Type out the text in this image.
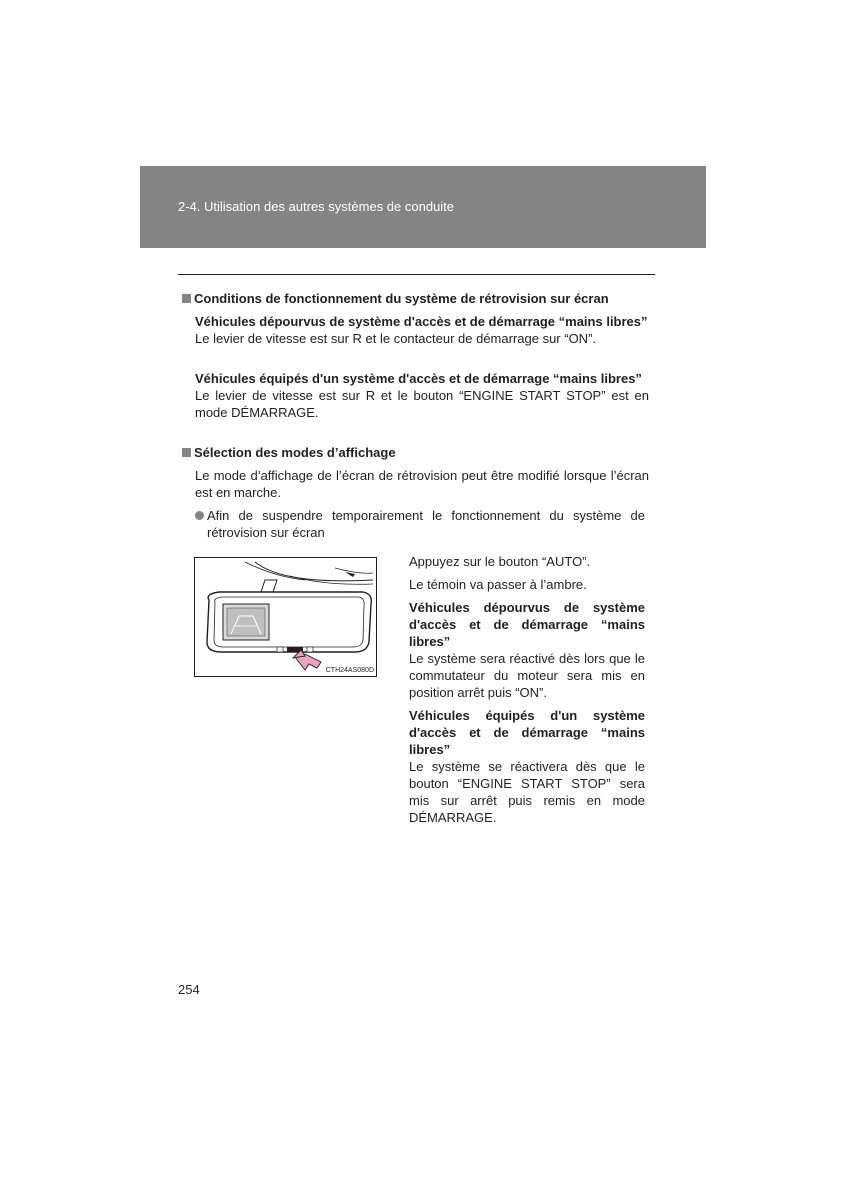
2-4. Utilisation des autres systèmes de conduite
Conditions de fonctionnement du système de rétrovision sur écran
Véhicules dépourvus de système d'accès et de démarrage “mains libres”
Le levier de vitesse est sur R et le contacteur de démarrage sur “ON”.
Véhicules équipés d'un système d'accès et de démarrage “mains libres”
Le levier de vitesse est sur R et le bouton “ENGINE START STOP” est en mode DÉMARRAGE.
Sélection des modes d’affichage
Le mode d’affichage de l’écran de rétrovision peut être modifié lorsque l’écran est en marche.
Afin de suspendre temporairement le fonctionnement du système de rétrovision sur écran
CTH24AS080D
Appuyez sur le bouton “AUTO”.
Le témoin va passer à l’ambre.
Véhicules dépourvus de système d'accès et de démarrage “mains libres”
Le système sera réactivé dès lors que le commutateur du moteur sera mis en position arrêt puis “ON”.
Véhicules équipés d'un système d'accès et de démarrage “mains libres”
Le système se réactivera dès que le bouton “ENGINE START STOP” sera mis sur arrêt puis remis en mode DÉMARRAGE.
254
